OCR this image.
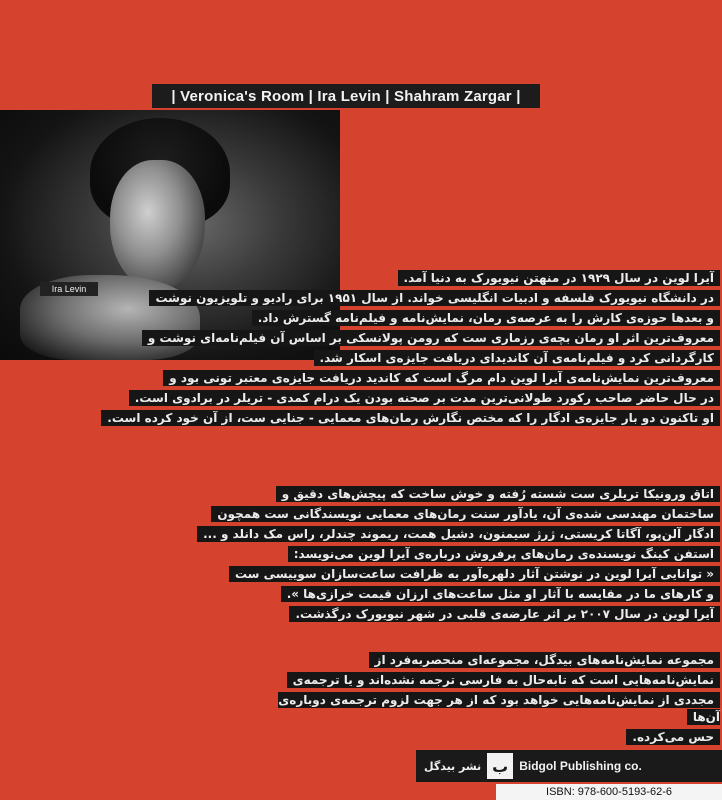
| Veronica's Room | Ira Levin | Shahram Zargar |
Ira Levin
آیرا لوین در سال ۱۹۲۹ در منهتن نیویورک به دنیا آمد.
در دانشگاه نیویورک فلسفه و ادبیات انگلیسی خواند. از سال ۱۹۵۱ برای رادیو و تلویزیون نوشت
و بعدها حوزه‌ی کارش را به عرصه‌ی رمان، نمایش‌نامه و فیلم‌نامه گسترش داد.
معروف‌ترین اثر او رمان بچه‌ی رزماری ست که رومن پولانسکی بر اساس آن فیلم‌نامه‌ای نوشت و
کارگردانی کرد و فیلم‌نامه‌ی آن کاندیدای دریافت جایزه‌ی اسکار شد.
معروف‌ترین نمایش‌نامه‌ی آیرا لوین دام مرگ است که کاندید دریافت جایزه‌ی معتبر تونی بود و
در حال حاضر صاحب رکورد طولانی‌ترین مدت بر صحنه بودن یک درام کمدی - تریلر در برادوی است.
او تاکنون دو بار جایزه‌ی ادگار را که مختص نگارش رمان‌های معمایی - جنایی ست، از آن خود کرده است.
اتاق ورونیکا تریلری ست شسته رُفته و خوش ساخت که پیچش‌های دقیق و
ساختمان مهندسی شده‌ی آن، یادآور سنت رمان‌های معمایی نویسندگانی ست همچون
ادگار آلن‌پو، آگاتا کریستی، ژرژ سیمنون، دشیل همت، ریموند چندلر، راس مک دانلد و ...
استفن کینگ نویسنده‌ی رمان‌های پرفروش درباره‌ی آیرا لوین می‌نویسد:
« توانایی آیرا لوین در نوشتن آثار دلهره‌آور به ظرافت ساعت‌سازان سوییسی ست
و کارهای ما در مقایسه با آثار او مثل ساعت‌های ارزان قیمت خرازی‌ها ».
آیرا لوین در سال ۲۰۰۷ بر اثر عارضه‌ی قلبی در شهر نیویورک درگذشت.
مجموعه نمایش‌نامه‌های بیدگل، مجموعه‌ای منحصربه‌فرد از
نمایش‌نامه‌هایی است که تابه‌حال به فارسی ترجمه نشده‌اند و یا ترجمه‌ی
مجددی از نمایش‌نامه‌هایی خواهد بود که از هر جهت لزوم ترجمه‌ی دوباره‌ی آن‌ها
حس می‌کرده.
نشر بیدگل ب Bidgol Publishing co.
ISBN: 978-600-5193-62-6
